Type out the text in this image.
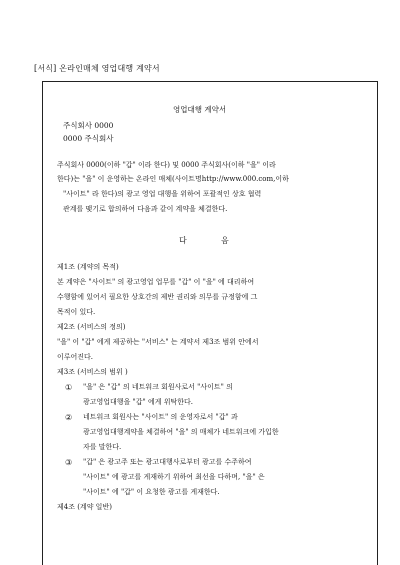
[서식] 온라인매체 영업대행 계약서
영업대행 계약서
주식회사 0000
0000 주식회사
주식회사 0000(이하 "갑" 이라 한다) 및 0000 주식회사(이하 "을" 이라
한다)는 "을" 이 운영하는 온라인 매체(사이트명http://www.000.com,이하
"사이트" 라 한다)의 광고 영업 대행을 위하여 포괄적인 상호 협력
관계를 맺기로 합의하여 다음과 같이 계약을 체결한다.
다	음
제1조 (계약의 목적)
본 계약은 "사이트" 의 광고영업 업무를 "갑" 이 "을" 에 대리하여
수행함에 있어서 필요한 상호간의 제반 권리와 의무를 규정함에 그
목적이 있다.
제2조 (서비스의 정의)
"을" 이 "갑" 에게 제공하는 "서비스" 는 계약서 제3조 범위 안에서
이루어진다.
제3조 (서비스의 범위 )
① "을" 은 "갑" 의 네트워크 회원사로서 "사이트" 의
광고영업대행을 "갑" 에게 위탁한다.
② 네트워크 회원사는 "사이트" 의 운영자로서 "갑" 과
광고영업대행계약을 체결하여 "을" 의 매체가 네트워크에 가입한
자를 말한다.
③ "갑" 은 광고주 또는 광고대행사로부터 광고를 수주하여
"사이트" 에 광고를 게재하기 위하여 최선을 다하며, "을" 은
"사이트" 에 "갑" 이 요청한 광고를 게재한다.
제4조 (계약 일반)
